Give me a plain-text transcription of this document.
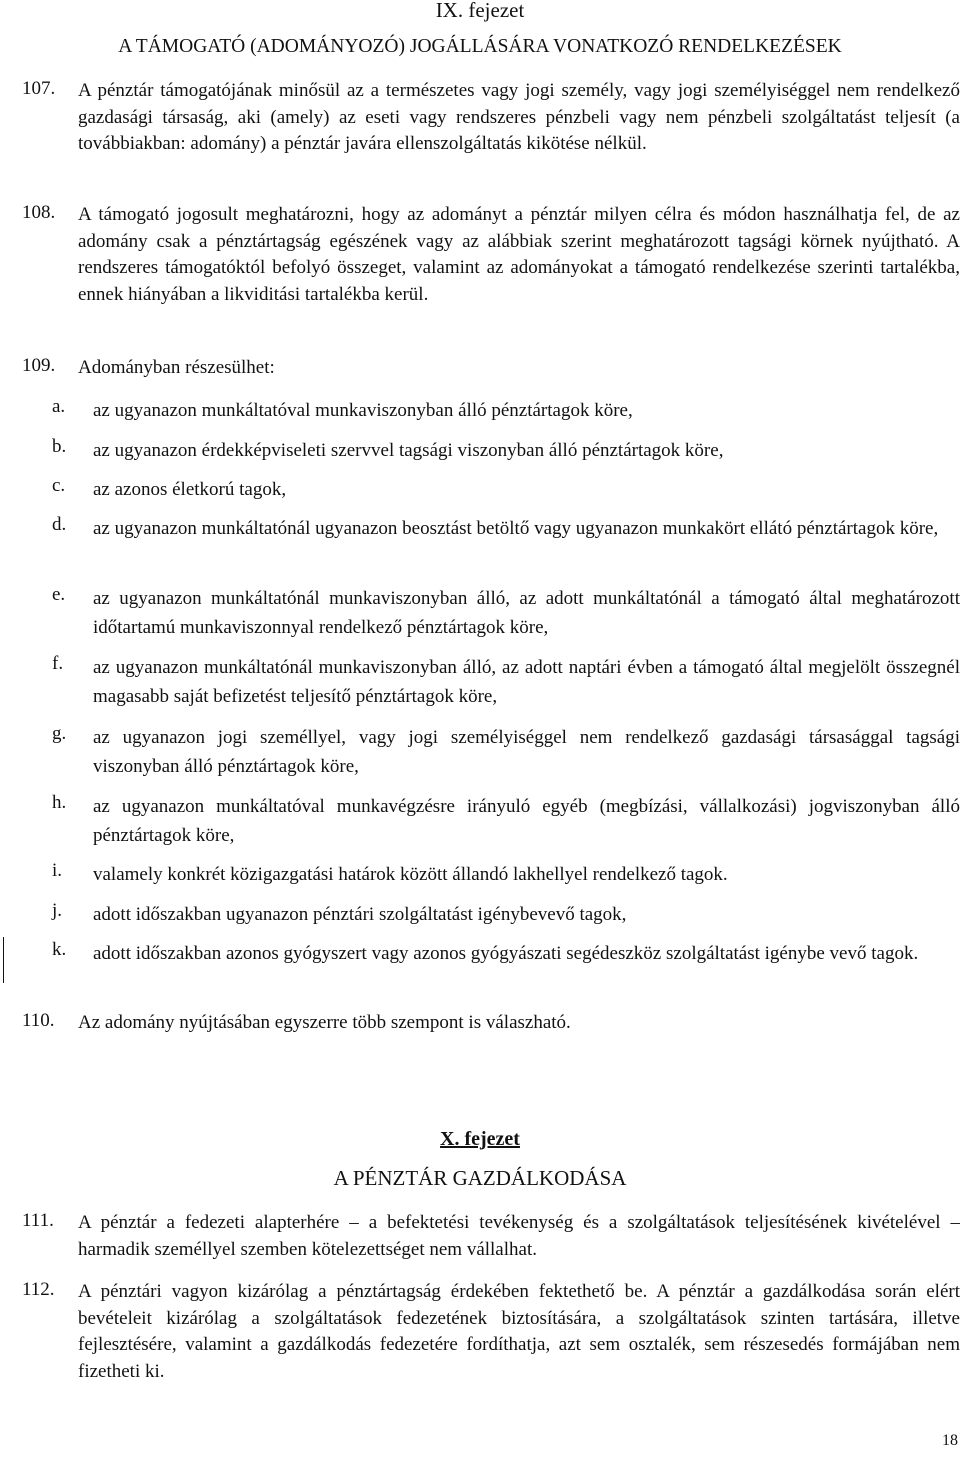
IX. fejezet
A TÁMOGATÓ (ADOMÁNYOZÓ) JOGÁLLÁSÁRA VONATKOZÓ RENDELKEZÉSEK
107. A pénztár támogatójának minősül az a természetes vagy jogi személy, vagy jogi személyiséggel nem rendelkező gazdasági társaság, aki (amely) az eseti vagy rendszeres pénzbeli vagy nem pénzbeli szolgáltatást teljesít (a továbbiakban: adomány) a pénztár javára ellenszolgáltatás kikötése nélkül.
108. A támogató jogosult meghatározni, hogy az adományt a pénztár milyen célra és módon használhatja fel, de az adomány csak a pénztártagság egészének vagy az alábbiak szerint meghatározott tagsági körnek nyújtható. A rendszeres támogatóktól befolyó összeget, valamint az adományokat a támogató rendelkezése szerinti tartalékba, ennek hiányában a likviditási tartalékba kerül.
109. Adományban részesülhet:
a. az ugyanazon munkáltatóval munkaviszonyban álló pénztártagok köre,
b. az ugyanazon érdekképviseleti szervvel tagsági viszonyban álló pénztártagok köre,
c. az azonos életkorú tagok,
d. az ugyanazon munkáltatónál ugyanazon beosztást betöltő vagy ugyanazon munkakört ellátó pénztártagok köre,
e. az ugyanazon munkáltatónál munkaviszonyban álló, az adott munkáltatónál a támogató által meghatározott időtartamú munkaviszonnyal rendelkező pénztártagok köre,
f. az ugyanazon munkáltatónál munkaviszonyban álló, az adott naptári évben a támogató által megjelölt összegnél magasabb saját befizetést teljesítő pénztártagok köre,
g. az ugyanazon jogi személlyel, vagy jogi személyiséggel nem rendelkező gazdasági társasággal tagsági viszonyban álló pénztártagok köre,
h. az ugyanazon munkáltatóval munkavégzésre irányuló egyéb (megbízási, vállalkozási) jogviszonyban álló pénztártagok köre,
i. valamely konkrét közigazgatási határok között állandó lakhellyel rendelkező tagok.
j. adott időszakban ugyanazon pénztári szolgáltatást igénybevevő tagok,
k. adott időszakban azonos gyógyszert vagy azonos gyógyászati segédeszköz szolgáltatást igénybe vevő tagok.
110. Az adomány nyújtásában egyszerre több szempont is válaszható.
X. fejezet
A PÉNZTÁR GAZDÁLKODÁSA
111. A pénztár a fedezeti alapterhére – a befektetési tevékenység és a szolgáltatások teljesítésének kivételével – harmadik személlyel szemben kötelezettséget nem vállalhat.
112. A pénztári vagyon kizárólag a pénztártagság érdekében fektethető be. A pénztár a gazdálkodása során elért bevételeit kizárólag a szolgáltatások fedezetének biztosítására, a szolgáltatások szinten tartására, illetve fejlesztésére, valamint a gazdálkodás fedezetére fordíthatja, azt sem osztalék, sem részesedés formájában nem fizetheti ki.
18
